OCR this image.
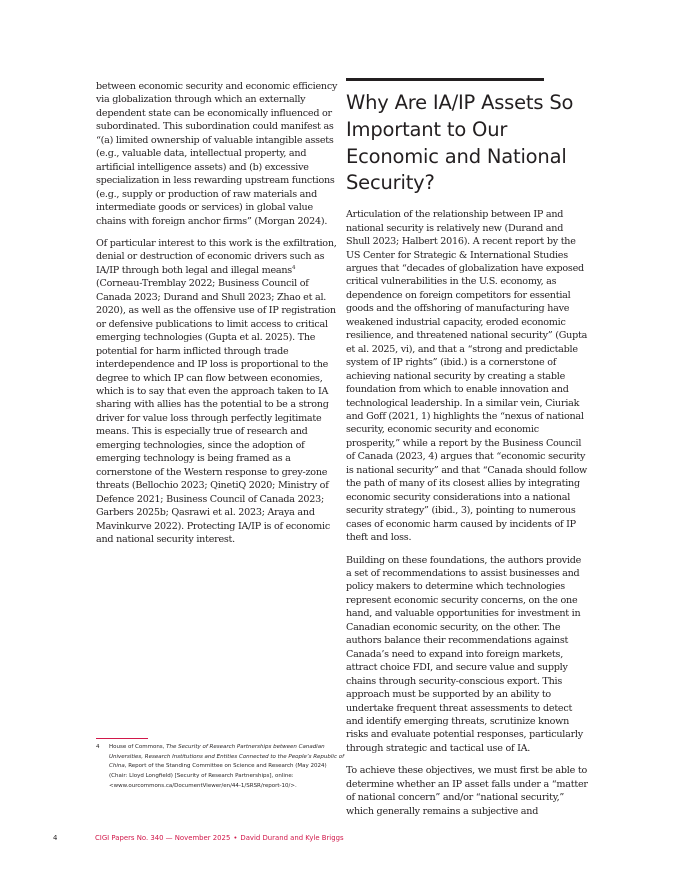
between economic security and economic efficiency via globalization through which an externally dependent state can be economically influenced or subordinated. This subordination could manifest as “(a) limited ownership of valuable intangible assets (e.g., valuable data, intellectual property, and artificial intelligence assets) and (b) excessive specialization in less rewarding upstream functions (e.g., supply or production of raw materials and intermediate goods or services) in global value chains with foreign anchor firms” (Morgan 2024).

Of particular interest to this work is the exfiltration, denial or destruction of economic drivers such as IA/IP through both legal and illegal means$^4$ (Corneau-Tremblay 2022; Business Council of Canada 2023; Durand and Shull 2023; Zhao et al. 2020), as well as the offensive use of IP registration or defensive publications to limit access to critical emerging technologies (Gupta et al. 2025). The potential for harm inflicted through trade interdependence and IP loss is proportional to the degree to which IP can flow between economies, which is to say that even the approach taken to IA sharing with allies has the potential to be a strong driver for value loss through perfectly legitimate means. This is especially true of research and emerging technologies, since the adoption of emerging technology is being framed as a cornerstone of the Western response to grey-zone threats (Bellochio 2023; QinetiQ 2020; Ministry of Defence 2021; Business Council of Canada 2023; Garbers 2025b; Qasrawi et al. 2023; Araya and Mavinkurve 2022). Protecting IA/IP is of economic and national security interest.

Why Are IA/IP Assets So Important to Our Economic and National Security?

Articulation of the relationship between IP and national security is relatively new (Durand and Shull 2023; Halbert 2016). A recent report by the US Center for Strategic & International Studies argues that “decades of globalization have exposed critical vulnerabilities in the U.S. economy, as dependence on foreign competitors for essential goods and the offshoring of manufacturing have weakened industrial capacity, eroded economic resilience, and threatened national security” (Gupta et al. 2025, vi), and that a “strong and predictable system of IP rights” (ibid.) is a cornerstone of achieving national security by creating a stable foundation from which to enable innovation and technological leadership. In a similar vein, Ciuriak and Goff (2021, 1) highlights the “nexus of national security, economic security and economic prosperity,” while a report by the Business Council of Canada (2023, 4) argues that “economic security is national security” and that “Canada should follow the path of many of its closest allies by integrating economic security considerations into a national security strategy” (ibid., 3), pointing to numerous cases of economic harm caused by incidents of IP theft and loss.

Building on these foundations, the authors provide a set of recommendations to assist businesses and policy makers to determine which technologies represent economic security concerns, on the one hand, and valuable opportunities for investment in Canadian economic security, on the other. The authors balance their recommendations against Canada’s need to expand into foreign markets, attract choice FDI, and secure value and supply chains through security-conscious export. This approach must be supported by an ability to undertake frequent threat assessments to detect and identify emerging threats, scrutinize known risks and evaluate potential responses, particularly through strategic and tactical use of IA.

To achieve these objectives, we must first be able to determine whether an IP asset falls under a “matter of national concern” and/or “national security,” which generally remains a subjective and

4	House of Commons, The Security of Research Partnerships between Canadian Universities, Research Institutions and Entities Connected to the People’s Republic of China, Report of the Standing Committee on Science and Research (May 2024) (Chair: Lloyd Longfield) [Security of Research Partnerships], online: <www.ourcommons.ca/DocumentViewer/en/44-1/SRSR/report-10/>.
4	CIGI Papers No. 340 — November 2025 • David Durand and Kyle Briggs
